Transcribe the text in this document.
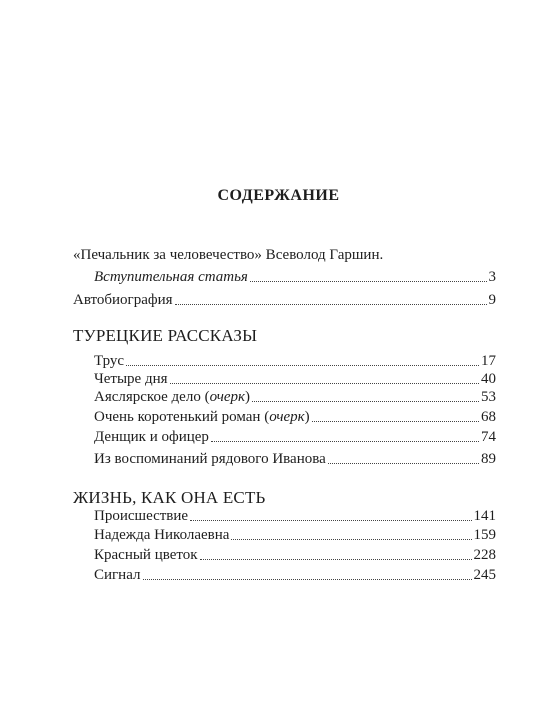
СОДЕРЖАНИЕ
«Печальник за человечество» Всеволод Гаршин.
Вступительная статья	3
Автобиография	9
ТУРЕЦКИЕ РАССКАЗЫ
Трус	17
Четыре дня	40
Аяслярское дело (очерк)	53
Очень коротенький роман (очерк)	68
Денщик и офицер	74
Из воспоминаний рядового Иванова	89
ЖИЗНЬ, КАК ОНА ЕСТЬ
Происшествие	141
Надежда Николаевна	159
Красный цветок	228
Сигнал	245
